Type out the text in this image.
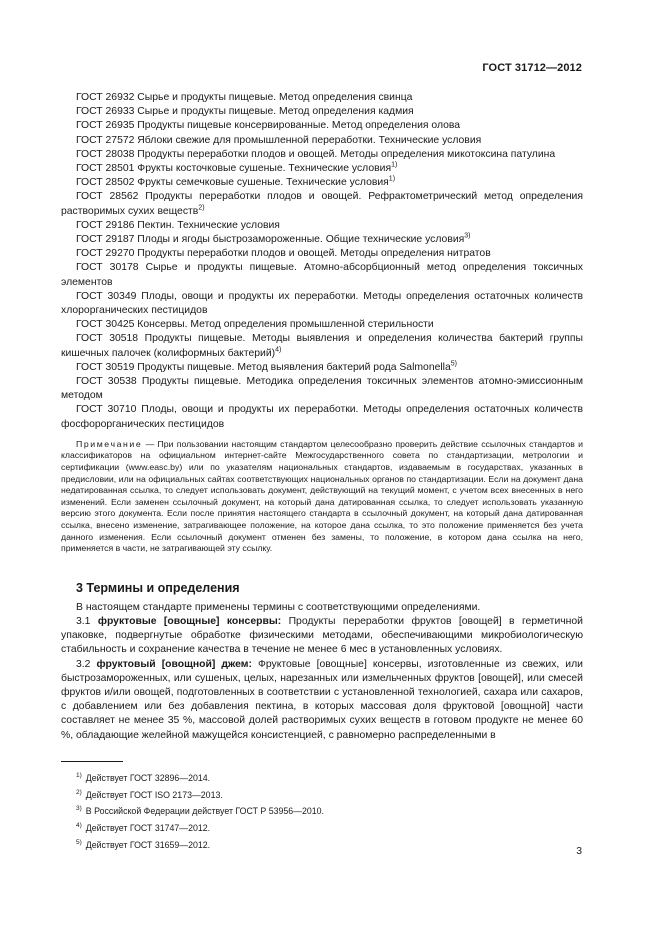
ГОСТ 31712—2012

ГОСТ 26932 Сырье и продукты пищевые. Метод определения свинца

ГОСТ 26933 Сырье и продукты пищевые. Метод определения кадмия

ГОСТ 26935 Продукты пищевые консервированные. Метод определения олова

ГОСТ 27572 Яблоки свежие для промышленной переработки. Технические условия

ГОСТ 28038 Продукты переработки плодов и овощей. Методы определения микотоксина патулина

ГОСТ 28501 Фрукты косточковые сушеные. Технические условия$^{1)}$

ГОСТ 28502 Фрукты семечковые сушеные. Технические условия$^{1)}$

ГОСТ 28562 Продукты переработки плодов и овощей. Рефрактометрический метод определения растворимых сухих веществ$^{2)}$

ГОСТ 29186 Пектин. Технические условия

ГОСТ 29187 Плоды и ягоды быстрозамороженные. Общие технические условия$^{3)}$

ГОСТ 29270 Продукты переработки плодов и овощей. Методы определения нитратов

ГОСТ 30178 Сырье и продукты пищевые. Атомно-абсорбционный метод определения токсичных элементов

ГОСТ 30349 Плоды, овощи и продукты их переработки. Методы определения остаточных количеств хлорорганических пестицидов

ГОСТ 30425 Консервы. Метод определения промышленной стерильности

ГОСТ 30518 Продукты пищевые. Методы выявления и определения количества бактерий группы кишечных палочек (колиформных бактерий)$^{4)}$

ГОСТ 30519 Продукты пищевые. Метод выявления бактерий рода Salmonella$^{5)}$

ГОСТ 30538 Продукты пищевые. Методика определения токсичных элементов атомно-эмиссионным методом

ГОСТ 30710 Плоды, овощи и продукты их переработки. Методы определения остаточных количеств фосфорорганических пестицидов

Примечание — При пользовании настоящим стандартом целесообразно проверить действие ссылочных стандартов и классификаторов на официальном интернет-сайте Межгосударственного совета по стандартизации, метрологии и сертификации (www.easc.by) или по указателям национальных стандартов, издаваемым в государствах, указанных в предисловии, или на официальных сайтах соответствующих национальных органов по стандартизации. Если на документ дана недатированная ссылка, то следует использовать документ, действующий на текущий момент, с учетом всех внесенных в него изменений. Если заменен ссылочный документ, на который дана датированная ссылка, то следует использовать указанную версию этого документа. Если после принятия настоящего стандарта в ссылочный документ, на который дана датированная ссылка, внесено изменение, затрагивающее положение, на которое дана ссылка, то это положение применяется без учета данного изменения. Если ссылочный документ отменен без замены, то положение, в котором дана ссылка на него, применяется в части, не затрагивающей эту ссылку.

3 Термины и определения

В настоящем стандарте применены термины с соответствующими определениями.

3.1 фруктовые [овощные] консервы: Продукты переработки фруктов [овощей] в герметичной упаковке, подвергнутые обработке физическими методами, обеспечивающими микробиологическую стабильность и сохранение качества в течение не менее 6 мес в установленных условиях.

3.2 фруктовый [овощной] джем: Фруктовые [овощные] консервы, изготовленные из свежих, или быстрозамороженных, или сушеных, целых, нарезанных или измельченных фруктов [овощей], или смесей фруктов и/или овощей, подготовленных в соответствии с установленной технологией, сахара или сахаров, с добавлением или без добавления пектина, в которых массовая доля фруктовой [овощной] части составляет не менее 35 %, массовой долей растворимых сухих веществ в готовом продукте не менее 60 %, обладающие желейной мажущейся консистенцией, с равномерно распределенными в

$^{1)}$ Действует ГОСТ 32896—2014.
$^{2)}$ Действует ГОСТ ISO 2173—2013.
$^{3)}$ В Российской Федерации действует ГОСТ Р 53956—2010.
$^{4)}$ Действует ГОСТ 31747—2012.
$^{5)}$ Действует ГОСТ 31659—2012.
3
